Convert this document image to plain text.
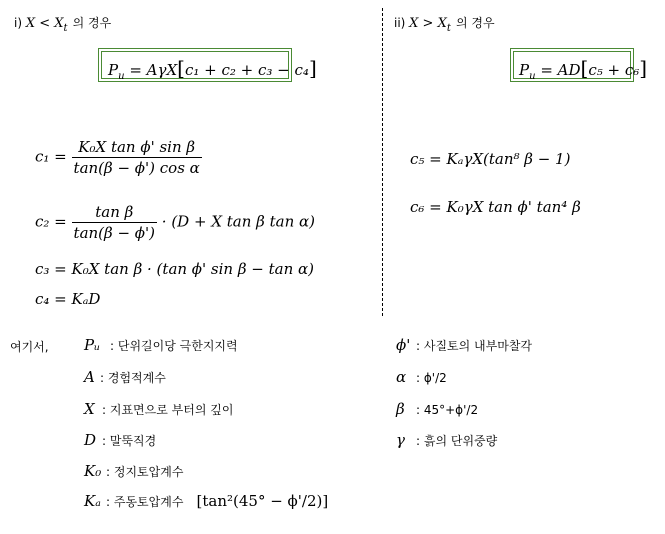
i) $X < X_t$ 의 경우	ii) $X > X_t$ 의 경우
$P_u = A\gamma X[c_1 + c_2 + c_3 - c_4]$	$P_u = AD[c_5 + c_6]$
$c_1 = \frac{\text{K₀X tan ϕ' sin β}}{\text{tan(β − ϕ') cos α}}$
$c_2 = \frac{\text{tan β}}{\tan(\beta - \phi')} \cdot (D + X$ tan β tan α)
c₃ = K₀X tan β · (tan ϕ' sin β − tan α)
c₄ = KₐD
c₅ = KₐγX(tan⁸ β − 1)
c₆ = K₀γX tan ϕ' tan⁴ β
여기서, Pᵤ : 단위길이당 극한지지력
A : 경험적계수
X : 지표면으로 부터의 깊이
D : 말뚝직경
K₀ : 정지토압계수
Kₐ : 주동토압계수 [tan²(45° − ϕ'/2)]
ϕ' : 사질토의 내부마찰각
α : ϕ'/2
β : 45°+ϕ'/2
γ : 흙의 단위중량
